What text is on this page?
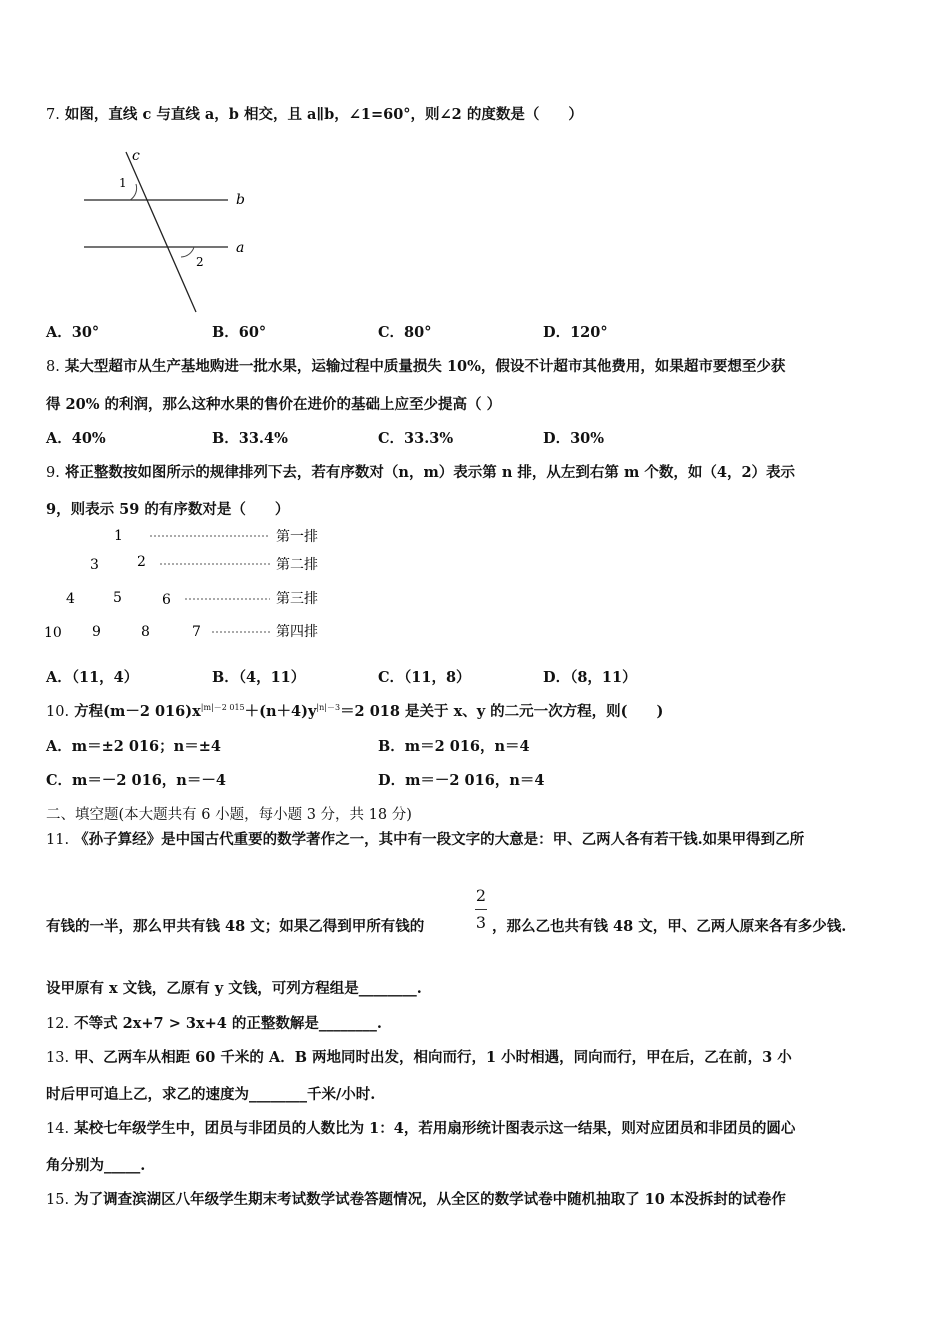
7. 如图，直线 c 与直线 a，b 相交，且 a∥b，∠1=60°，则∠2 的度数是（　　）
c
b
a
1
2
A．30°	B．60°	C．80°	D．120°
8. 某大型超市从生产基地购进一批水果，运输过程中质量损失 10%，假设不计超市其他费用，如果超市要想至少获
得 20% 的利润，那么这种水果的售价在进价的基础上应至少提高（ ）
A．40%	B．33.4%	C．33.3%	D．30%
9. 将正整数按如图所示的规律排列下去，若有序数对（n，m）表示第 n 排，从左到右第 m 个数，如（4，2）表示
9，则表示 59 的有序数对是（　　）
1	第一排
3	2	第二排
4	5	6	第三排
10 9	8	7	第四排
A．（11，4）	B．（4，11）	C．（11，8）	D．（8，11）
10. 方程(m－2 $016)x^{|m|-2 015}+(n+4)y^{|n|-3}=2$ 018 是关于 x、y 的二元一次方程，则(　　)
A．m＝±2 016；n＝±4	B．m＝2 016，n＝4
C．m＝－2 016，n＝－4	D．m＝－2 016，n＝4
二、填空题(本大题共有 6 小题，每小题 3 分，共 18 分)
11. 《孙子算经》是中国古代重要的数学著作之一，其中有一段文字的大意是：甲、乙两人各有若干钱.如果甲得到乙所
有钱的一半，那么甲共有钱 48 文；如果乙得到甲所有钱的
2
3 ，那么乙也共有钱 48 文，甲、乙两人原来各有多少钱.
设甲原有 x 文钱，乙原有 y 文钱，可列方程组是________.
12. 不等式 2x+7 > 3x+4 的正整数解是________.
13. 甲、乙两车从相距 60 千米的 A．B 两地同时出发，相向而行，1 小时相遇，同向而行，甲在后，乙在前，3 小
时后甲可追上乙，求乙的速度为________千米/小时.
14. 某校七年级学生中，团员与非团员的人数比为 1：4，若用扇形统计图表示这一结果，则对应团员和非团员的圆心
角分别为_____.
15. 为了调查滨湖区八年级学生期末考试数学试卷答题情况，从全区的数学试卷中随机抽取了 10 本没拆封的试卷作
